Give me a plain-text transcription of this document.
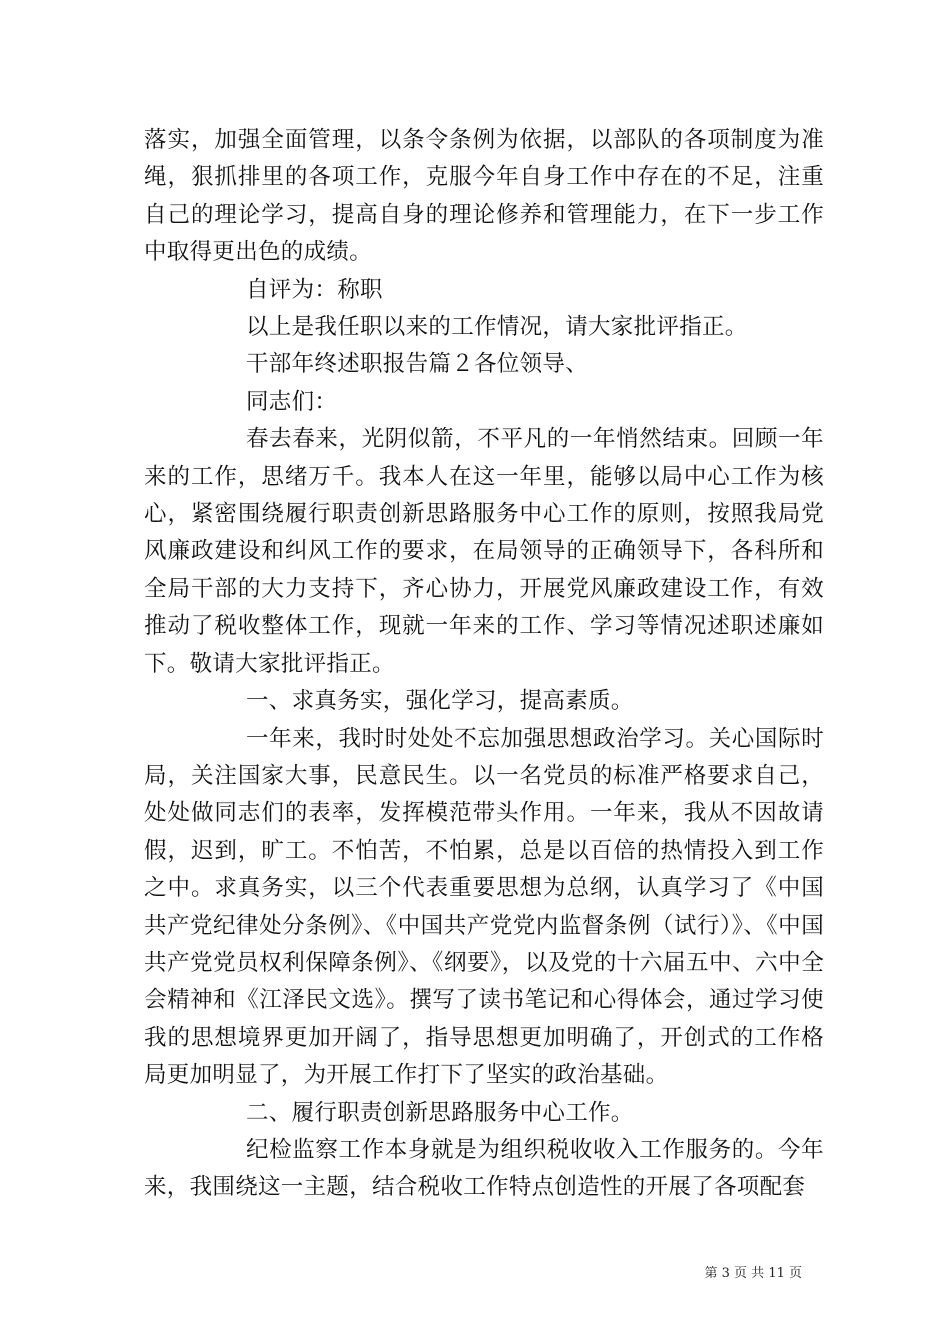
落实，加强全面管理，以条令条例为依据，以部队的各项制度为准绳，狠抓排里的各项工作，克服今年自身工作中存在的不足，注重自己的理论学习，提高自身的理论修养和管理能力，在下一步工作中取得更出色的成绩。

自评为：称职

以上是我任职以来的工作情况，请大家批评指正。

干部年终述职报告篇２各位领导、

同志们：

春去春来，光阴似箭，不平凡的一年悄然结束。回顾一年来的工作，思绪万千。我本人在这一年里，能够以局中心工作为核心，紧密围绕履行职责创新思路服务中心工作的原则，按照我局党风廉政建设和纠风工作的要求，在局领导的正确领导下，各科所和全局干部的大力支持下，齐心协力，开展党风廉政建设工作，有效推动了税收整体工作，现就一年来的工作、学习等情况述职述廉如下。敬请大家批评指正。

一、求真务实，强化学习，提高素质。

一年来，我时时处处不忘加强思想政治学习。关心国际时局，关注国家大事，民意民生。以一名党员的标准严格要求自己，处处做同志们的表率，发挥模范带头作用。一年来，我从不因故请假，迟到，旷工。不怕苦，不怕累，总是以百倍的热情投入到工作之中。求真务实，以三个代表重要思想为总纲，认真学习了《中国共产党纪律处分条例》、《中国共产党党内监督条例（试行）》、《中国共产党党员权利保障条例》、《纲要》，以及党的十六届五中、六中全会精神和《江泽民文选》。撰写了读书笔记和心得体会，通过学习使我的思想境界更加开阔了，指导思想更加明确了，开创式的工作格局更加明显了，为开展工作打下了坚实的政治基础。

二、履行职责创新思路服务中心工作。

纪检监察工作本身就是为组织税收收入工作服务的。今年来，我围绕这一主题，结合税收工作特点创造性的开展了各项配套

第 3 页 共 11 页
